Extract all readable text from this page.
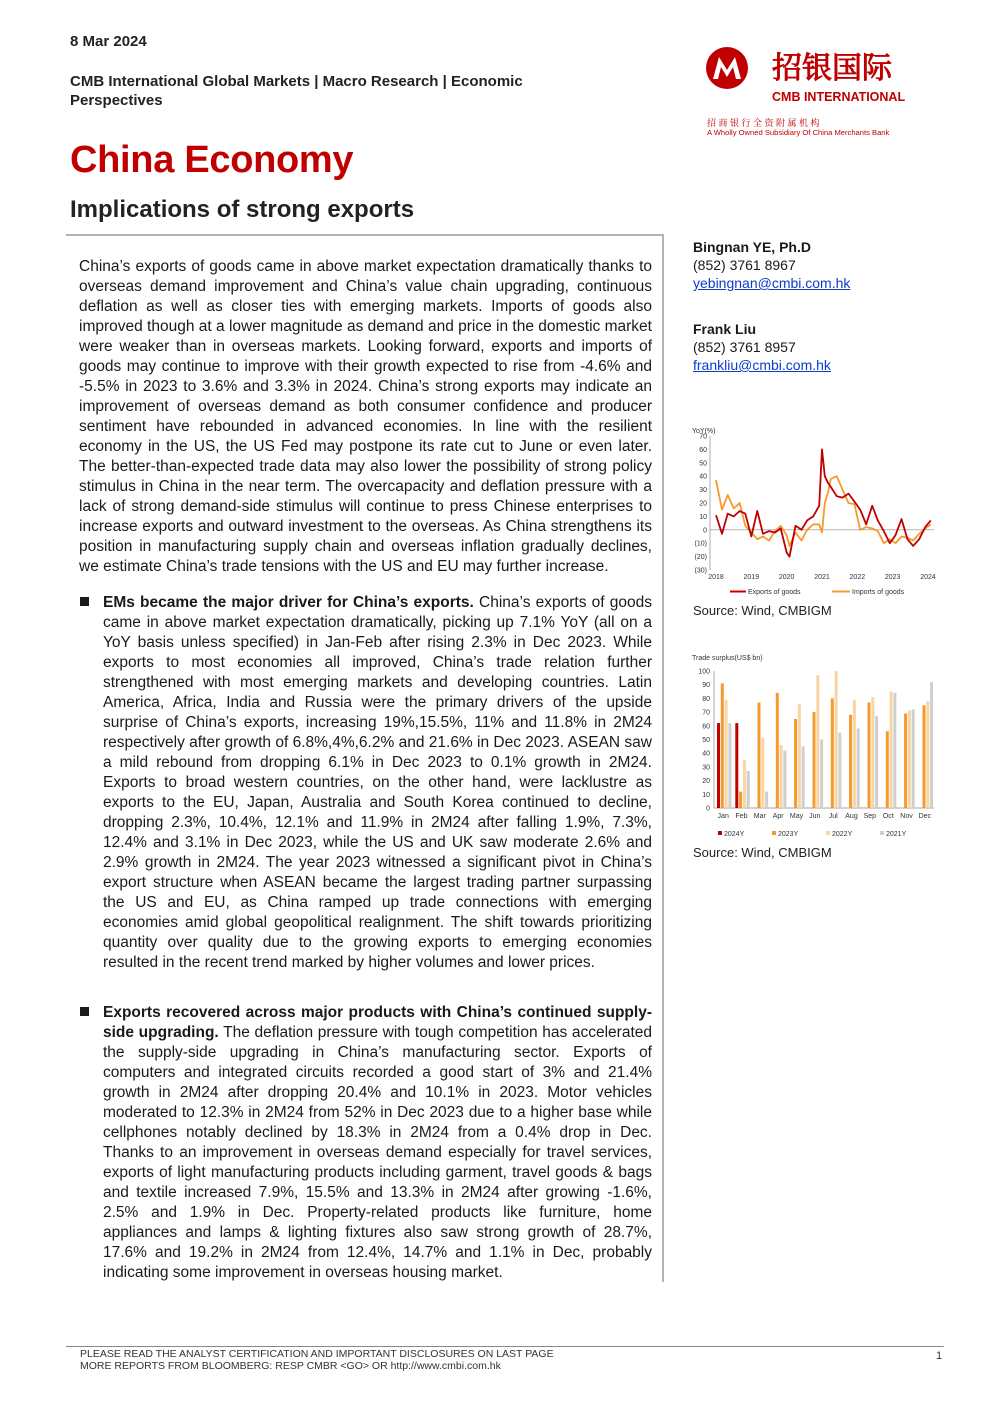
8 Mar 2024
CMB International Global Markets | Macro Research | Economic Perspectives
China Economy
Implications of strong exports
招银国际
CMB INTERNATIONAL
招 商 银 行 全 资 附 属 机 构
A Wholly Owned Subsidiary Of China Merchants Bank
China’s exports of goods came in above market expectation dramatically thanks to overseas demand improvement and China’s value chain upgrading, continuous deflation as well as closer ties with emerging markets. Imports of goods also improved though at a lower magnitude as demand and price in the domestic market were weaker than in overseas markets. Looking forward, exports and imports of goods may continue to improve with their growth expected to rise from -4.6% and -5.5% in 2023 to 3.6% and 3.3% in 2024. China’s strong exports may indicate an improvement of overseas demand as both consumer confidence and producer sentiment have rebounded in advanced economies. In line with the resilient economy in the US, the US Fed may postpone its rate cut to June or even later. The better-than-expected trade data may also lower the possibility of strong policy stimulus in China in the near term. The overcapacity and deflation pressure with a lack of strong demand-side stimulus will continue to press Chinese enterprises to increase exports and outward investment to the overseas. As China strengthens its position in manufacturing supply chain and overseas inflation gradually declines, we estimate China’s trade tensions with the US and EU may further increase.
EMs became the major driver for China’s exports. China’s exports of goods came in above market expectation dramatically, picking up 7.1% YoY (all on a YoY basis unless specified) in Jan-Feb after rising 2.3% in Dec 2023. While exports to most economies all improved, China’s trade relation further strengthened with most emerging markets and developing countries. Latin America, Africa, India and Russia were the primary drivers of the upside surprise of China’s exports, increasing 19%,15.5%, 11% and 11.8% in 2M24 respectively after growth of 6.8%,4%,6.2% and 21.6% in Dec 2023. ASEAN saw a mild rebound from dropping 6.1% in Dec 2023 to 0.1% growth in 2M24. Exports to broad western countries, on the other hand, were lacklustre as exports to the EU, Japan, Australia and South Korea continued to decline, dropping 2.3%, 10.4%, 12.1% and 11.9% in 2M24 after falling 1.9%, 7.3%, 12.4% and 3.1% in Dec 2023, while the US and UK saw moderate 2.6% and 2.9% growth in 2M24. The year 2023 witnessed a significant pivot in China’s export structure when ASEAN became the largest trading partner surpassing the US and EU, as China ramped up trade connections with emerging economies amid global geopolitical realignment. The shift towards prioritizing quantity over quality due to the growing exports to emerging economies resulted in the recent trend marked by higher volumes and lower prices.
Exports recovered across major products with China’s continued supply-side upgrading. The deflation pressure with tough competition has accelerated the supply-side upgrading in China’s manufacturing sector. Exports of computers and integrated circuits recorded a good start of 3% and 21.4% growth in 2M24 after dropping 20.4% and 10.1% in 2023. Motor vehicles moderated to 12.3% in 2M24 from 52% in Dec 2023 due to a higher base while cellphones notably declined by 18.3% in 2M24 from a 0.4% drop in Dec. Thanks to an improvement in overseas demand especially for travel services, exports of light manufacturing products including garment, travel goods & bags and textile increased 7.9%, 15.5% and 13.3% in 2M24 after growing -1.6%, 2.5% and 1.9% in Dec. Property-related products like furniture, home appliances and lamps & lighting fixtures also saw strong growth of 28.7%, 17.6% and 19.2% in 2M24 from 12.4%, 14.7% and 1.1% in Dec, probably indicating some improvement in overseas housing market.
Bingnan YE, Ph.D
(852) 3761 8967
yebingnan@cmbi.com.hk
Frank Liu
(852) 3761 8957
frankliu@cmbi.com.hk
YoY(%)
70
60
50
40
30
20
10
0
(10)
(20)
(30)
2018	2019	2020	2021	2022	2023	2024
Exports of goods	Imports of goods
Source: Wind, CMBIGM
Trade surplus(US$ bn)
100
90
80
70
60
50
40
30
20
10
0
Jan Feb Mar Apr May Jun Jul Aug Sep Oct Nov Dec
2024Y	2023Y	2022Y	2021Y
Source: Wind, CMBIGM
PLEASE READ THE ANALYST CERTIFICATION AND IMPORTANT DISCLOSURES ON LAST PAGE
MORE REPORTS FROM BLOOMBERG: RESP CMBR <GO> OR http://www.cmbi.com.hk
1
